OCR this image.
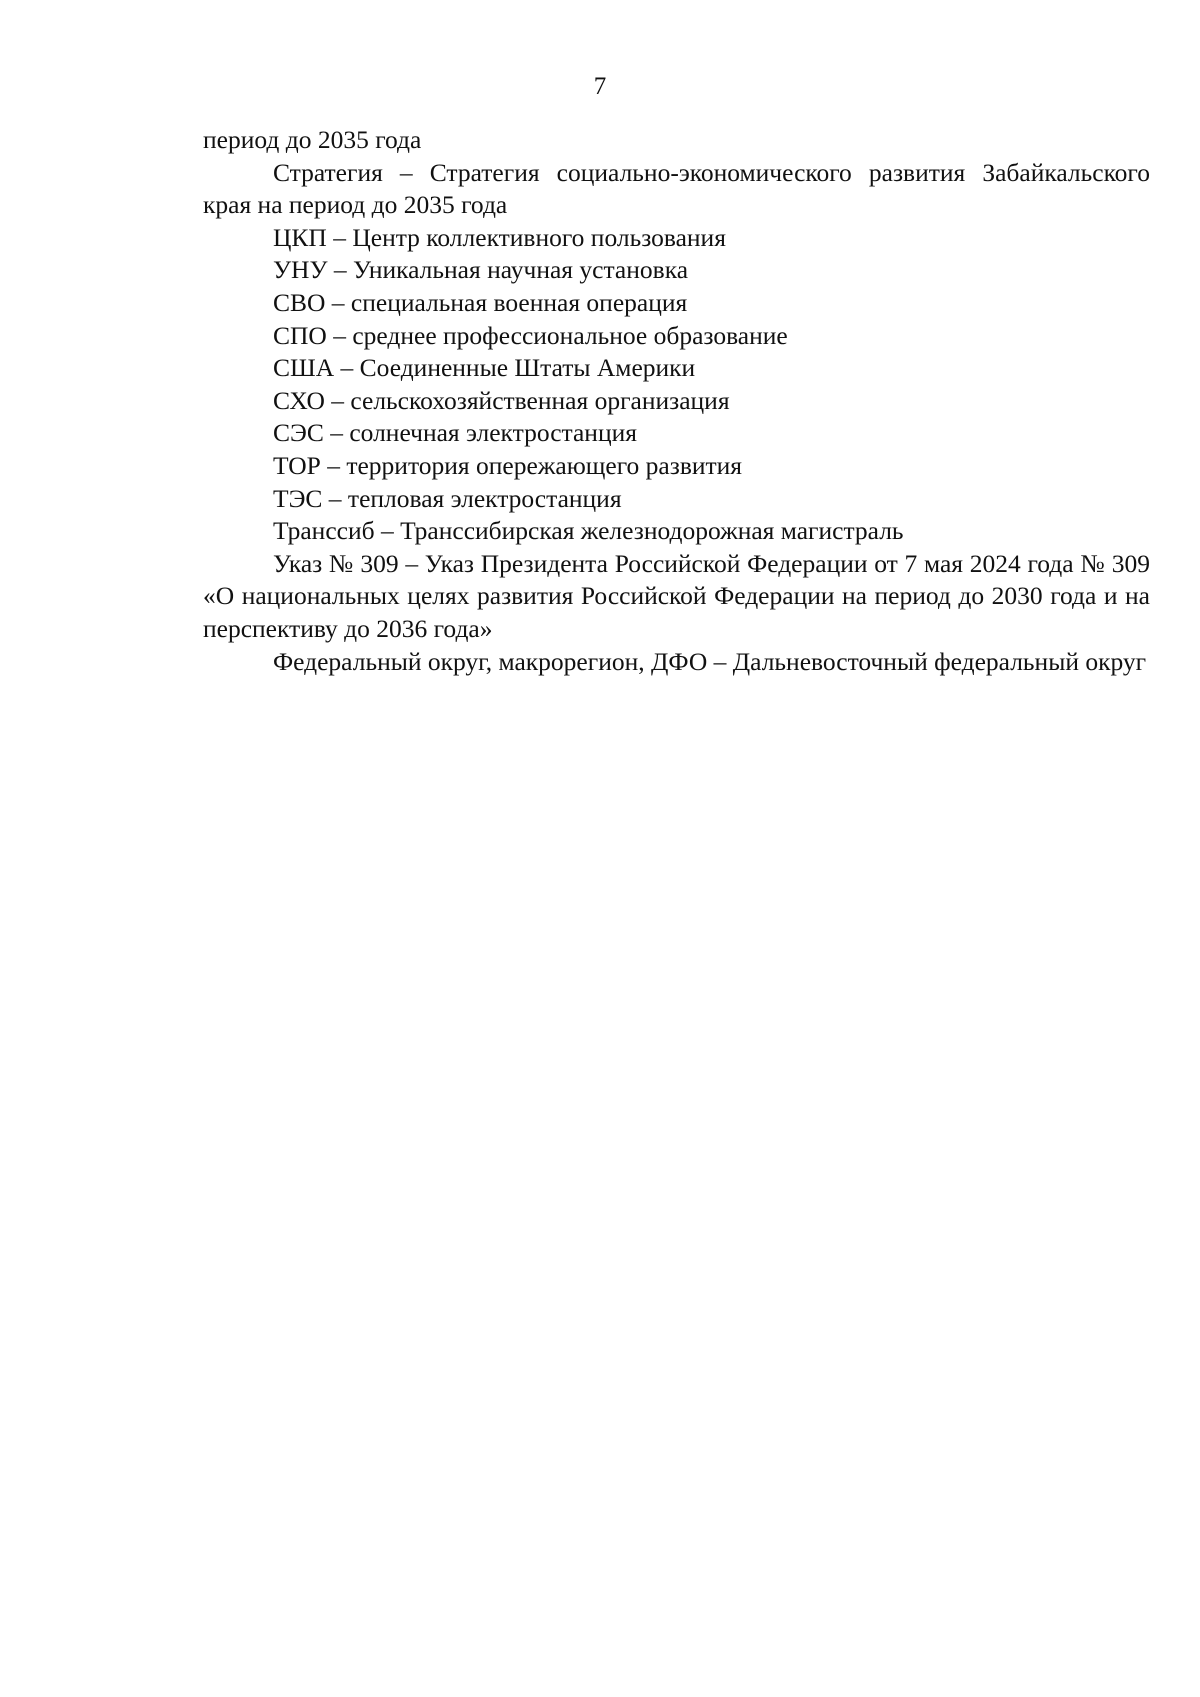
7

период до 2035 года

Стратегия – Стратегия социально-экономического развития Забайкальского края на период до 2035 года

ЦКП – Центр коллективного пользования

УНУ – Уникальная научная установка

СВО – специальная военная операция

СПО – среднее профессиональное образование

США – Соединенные Штаты Америки

СХО – сельскохозяйственная организация

СЭС – солнечная электростанция

ТОР – территория опережающего развития

ТЭС – тепловая электростанция

Транссиб – Транссибирская железнодорожная магистраль

Указ № 309 – Указ Президента Российской Федерации от 7 мая 2024 года № 309 «О национальных целях развития Российской Федерации на период до 2030 года и на перспективу до 2036 года»

Федеральный округ, макрорегион, ДФО – Дальневосточный федеральный округ
